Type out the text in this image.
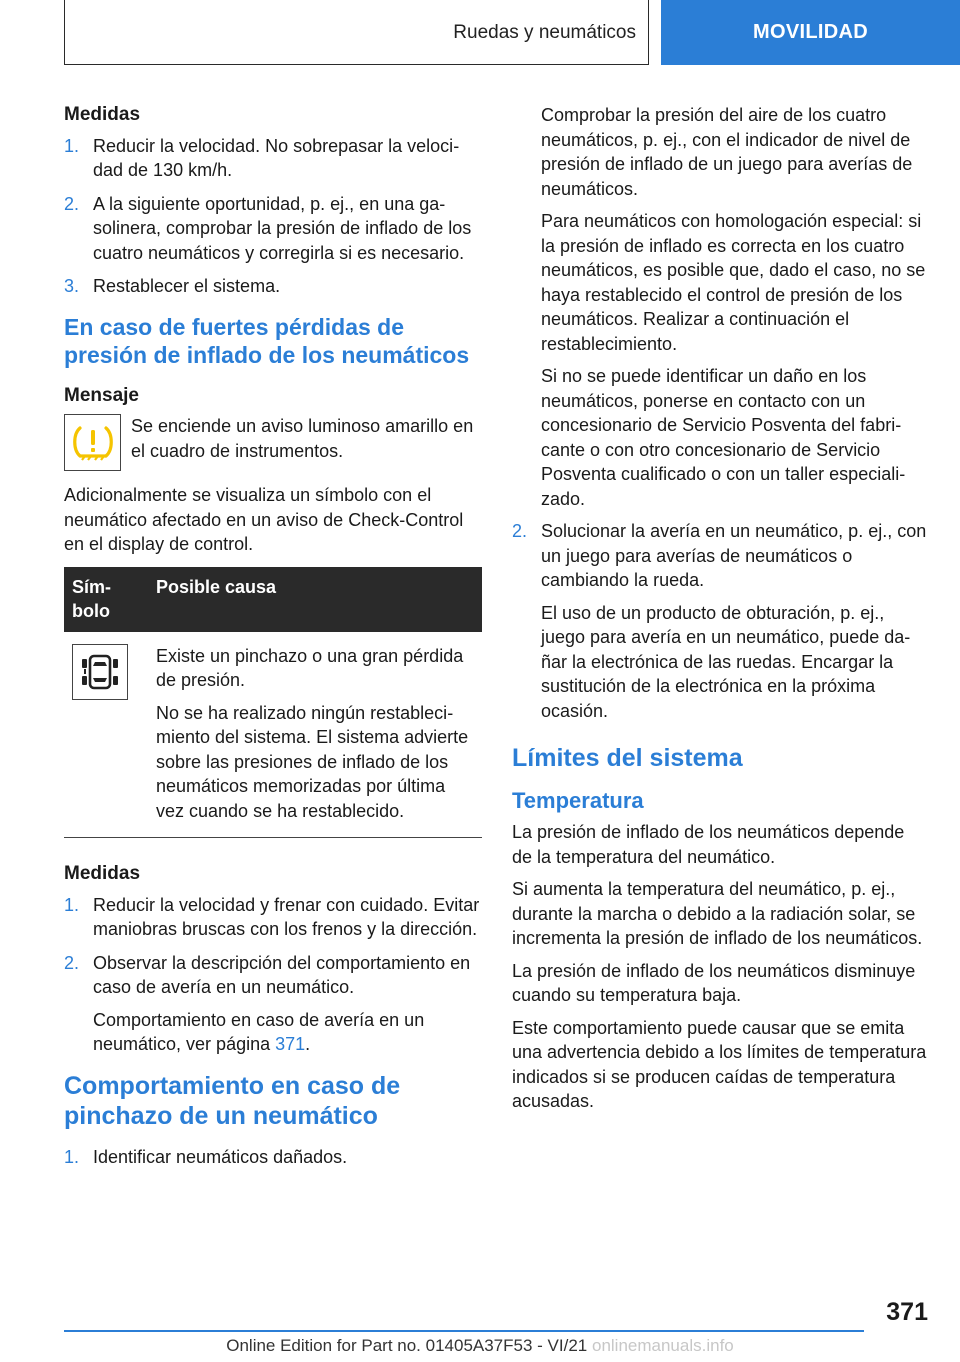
Ruedas y neumáticos	MOVILIDAD
Medidas
1. Reducir la velocidad. No sobrepasar la velocidad de 130 km/h.

2. A la siguiente oportunidad, p. ej., en una gasolinera, comprobar la presión de inflado de los cuatro neumáticos y corregirla si es necesario.

3. Restablecer el sistema.

En caso de fuertes pérdidas de presión de inflado de los neumáticos
Mensaje
Se enciende un aviso luminoso amarillo en el cuadro de instrumentos.

Adicionalmente se visualiza un símbolo con el neumático afectado en un aviso de Check-Control en el display de control.

Símbolo	Posible causa

Existe un pinchazo o una gran pérdida de presión.

No se ha realizado ningún restablecimiento del sistema. El sistema advierte sobre las presiones de inflado de los neumáticos memorizadas por última vez cuando se ha restablecido.

Medidas
1. Reducir la velocidad y frenar con cuidado. Evitar maniobras bruscas con los frenos y la dirección.

2. Observar la descripción del comportamiento en caso de avería en un neumático.

Comportamiento en caso de avería en un neumático, ver página 371.

Comportamiento en caso de pinchazo de un neumático
1. Identificar neumáticos dañados.

Comprobar la presión del aire de los cuatro neumáticos, p. ej., con el indicador de nivel de presión de inflado de un juego para averías de neumáticos.

Para neumáticos con homologación especial: si la presión de inflado es correcta en los cuatro neumáticos, es posible que, dado el caso, no se haya restablecido el control de presión de los neumáticos. Realizar a continuación el restablecimiento.

Si no se puede identificar un daño en los neumáticos, ponerse en contacto con un concesionario de Servicio Posventa del fabricante o con otro concesionario de Servicio Posventa cualificado o con un taller especializado.

2. Solucionar la avería en un neumático, p. ej., con un juego para averías de neumáticos o cambiando la rueda.

El uso de un producto de obturación, p. ej., juego para avería en un neumático, puede dañar la electrónica de las ruedas. Encargar la sustitución de la electrónica en la próxima ocasión.

Límites del sistema
Temperatura

La presión de inflado de los neumáticos depende de la temperatura del neumático.

Si aumenta la temperatura del neumático, p. ej., durante la marcha o debido a la radiación solar, se incrementa la presión de inflado de los neumáticos.

La presión de inflado de los neumáticos disminuye cuando su temperatura baja.

Este comportamiento puede causar que se emita una advertencia debido a los límites de temperatura indicados si se producen caídas de temperatura acusadas.

371
Online Edition for Part no. 01405A37F53 - VI/21 onlinemanuals.info
